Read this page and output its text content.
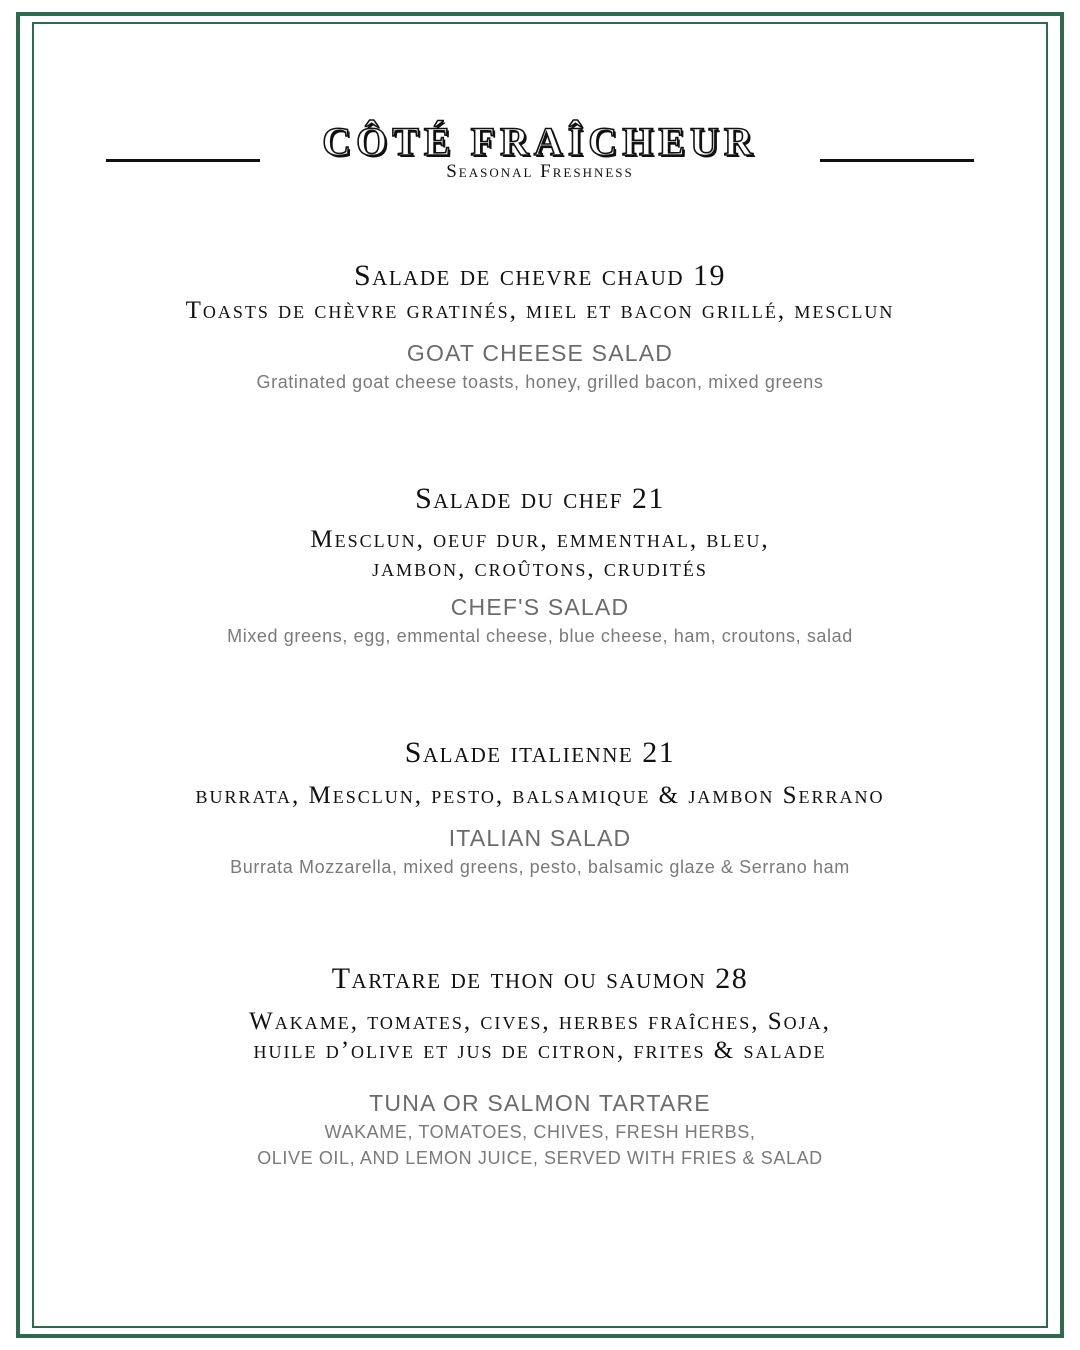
CÔTÉ FRAÎCHEUR
Seasonal Freshness
Salade de chevre chaud 19
Toasts de chèvre gratinés, miel et bacon grillé, mesclun
GOAT CHEESE SALAD
Gratinated goat cheese toasts, honey, grilled bacon, mixed greens
Salade du chef 21
Mesclun, oeuf dur, emmenthal, bleu,
jambon, croûtons, crudités
CHEF'S SALAD
Mixed greens, egg, emmental cheese, blue cheese, ham, croutons, salad
Salade italienne 21
burrata, Mesclun, pesto, balsamique & jambon Serrano
ITALIAN SALAD
Burrata Mozzarella, mixed greens, pesto, balsamic glaze & Serrano ham
Tartare de thon ou saumon 28
Wakame, tomates, cives, herbes fraîches, Soja,
huile d’olive et jus de citron, frites & salade
TUNA OR SALMON TARTARE
WAKAME, TOMATOES, CHIVES, FRESH HERBS,
OLIVE OIL, AND LEMON JUICE, SERVED WITH FRIES & SALAD
